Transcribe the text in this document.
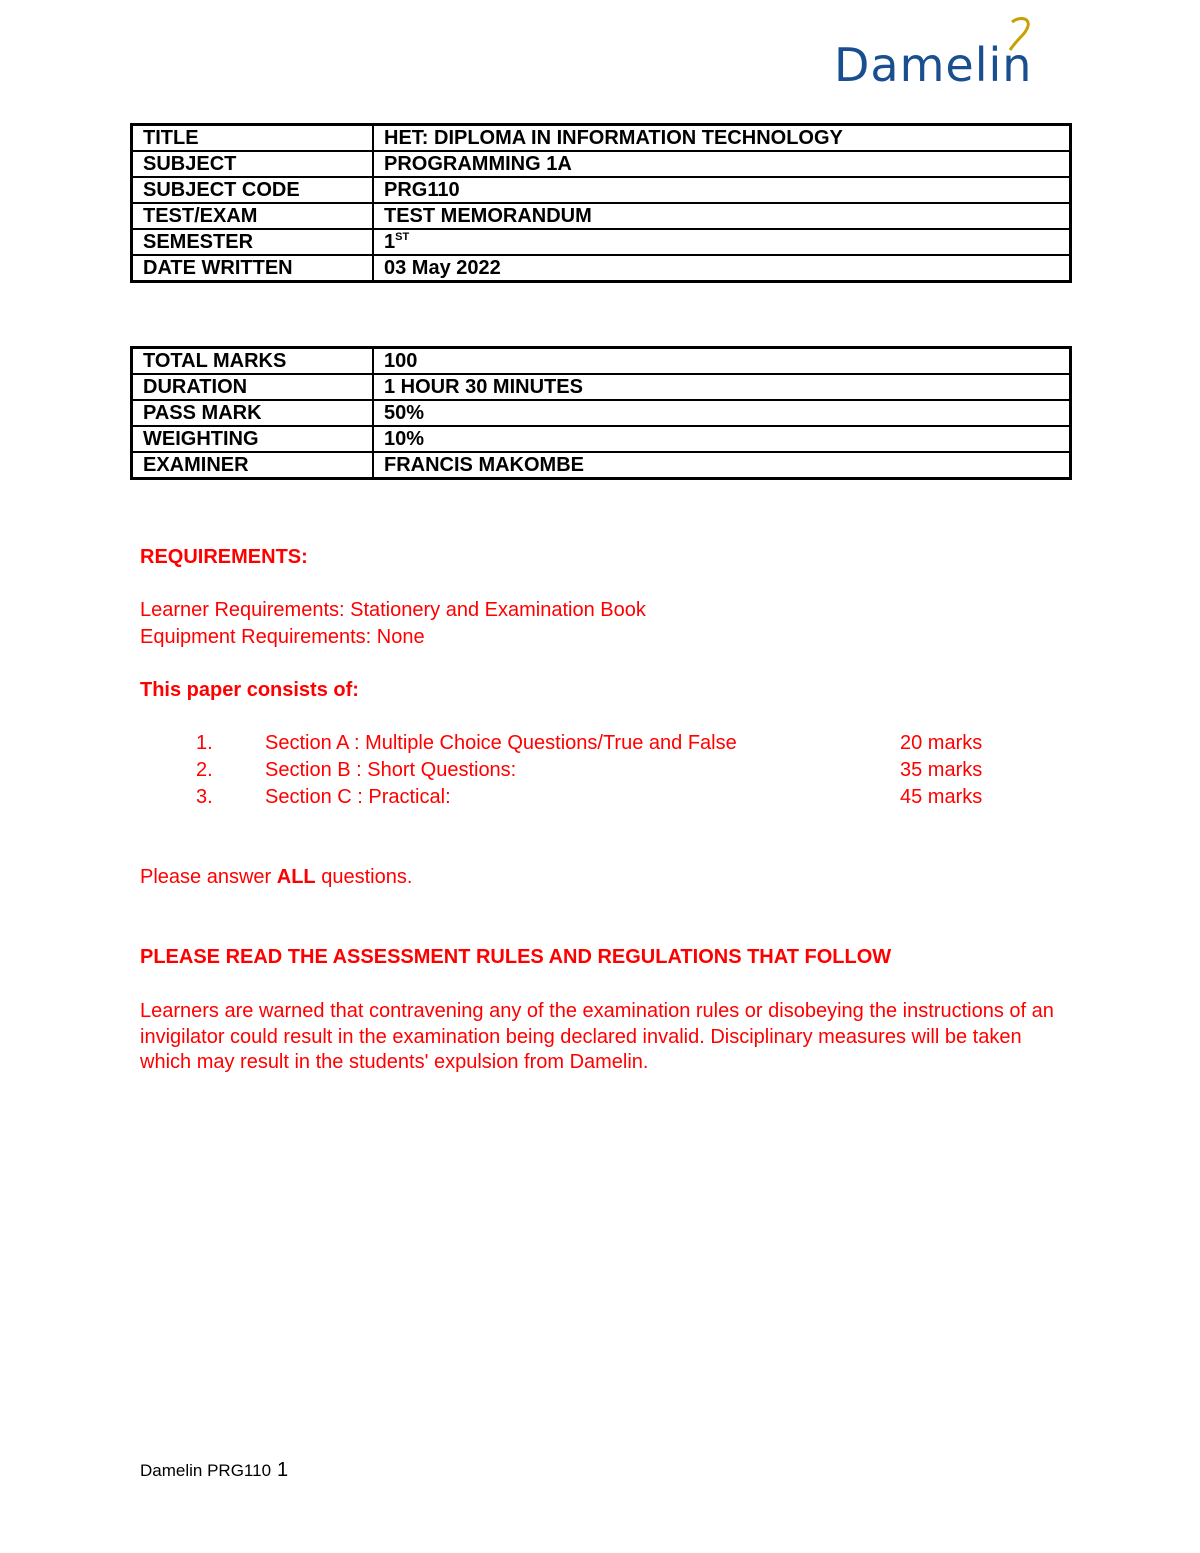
Damelin
TITLE	HET: DIPLOMA IN INFORMATION TECHNOLOGY
SUBJECT	PROGRAMMING 1A
SUBJECT CODE	PRG110
TEST/EXAM	TEST MEMORANDUM
SEMESTER	1ST
DATE WRITTEN	03 May 2022
TOTAL MARKS	100
DURATION	1 HOUR 30 MINUTES
PASS MARK	50%
WEIGHTING	10%
EXAMINER	FRANCIS MAKOMBE
REQUIREMENTS:
Learner Requirements: Stationery and Examination Book
Equipment Requirements: None
This paper consists of:
1.	Section A : Multiple Choice Questions/True and False	20 marks
2.	Section B : Short Questions:	35 marks
3.	Section C : Practical:	45 marks
Please answer ALL questions.
PLEASE READ THE ASSESSMENT RULES AND REGULATIONS THAT FOLLOW
Learners are warned that contravening any of the examination rules or disobeying the instructions of an invigilator could result in the examination being declared invalid. Disciplinary measures will be taken which may result in the students' expulsion from Damelin.
Damelin PRG110 1
